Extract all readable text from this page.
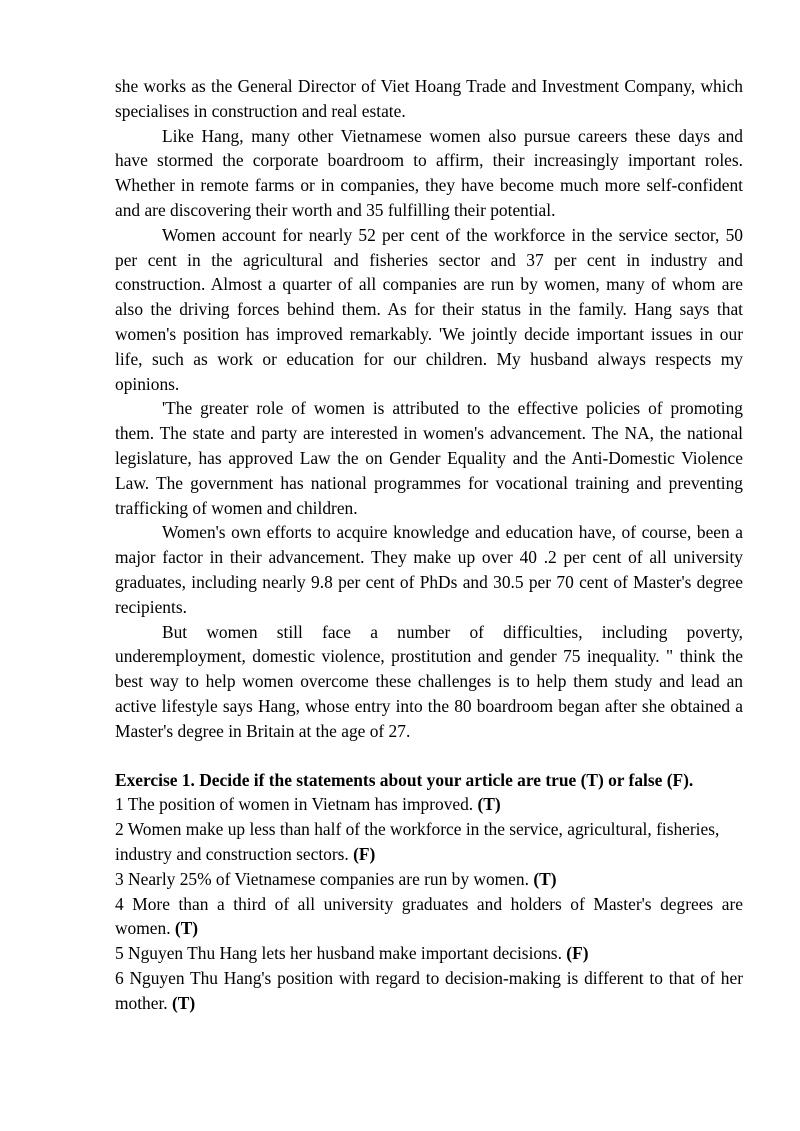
she works as the General Director of Viet Hoang Trade and Investment Company, which specialises in construction and real estate.

Like Hang, many other Vietnamese women also pursue careers these days and have stormed the corporate boardroom to affirm, their increasingly important roles. Whether in remote farms or in companies, they have become much more self-confident and are discovering their worth and 35 fulfilling their potential.

Women account for nearly 52 per cent of the workforce in the service sector, 50 per cent in the agricultural and fisheries sector and 37 per cent in industry and construction. Almost a quarter of all companies are run by women, many of whom are also the driving forces behind them. As for their status in the family. Hang says that women's position has improved remarkably. 'We jointly decide important issues in our life, such as work or education for our children. My husband always respects my opinions.

'The greater role of women is attributed to the effective policies of promoting them. The state and party are interested in women's advancement. The NA, the national legislature, has approved Law the on Gender Equality and the Anti-Domestic Violence Law. The government has national programmes for vocational training and preventing trafficking of women and children.

Women's own efforts to acquire knowledge and education have, of course, been a major factor in their advancement. They make up over 40 .2 per cent of all university graduates, including nearly 9.8 per cent of PhDs and 30.5 per 70 cent of Master's degree recipients.

But women still face a number of difficulties, including poverty, underemployment, domestic violence, prostitution and gender 75 inequality. " think the best way to help women overcome these challenges is to help them study and lead an active lifestyle says Hang, whose entry into the 80 boardroom began after she obtained a Master's degree in Britain at the age of 27.

Exercise 1. Decide if the statements about your article are true (T) or false (F).

1 The position of women in Vietnam has improved. (T)

2 Women make up less than half of the workforce in the service, agricultural, fisheries, industry and construction sectors. (F)

3 Nearly 25% of Vietnamese companies are run by women. (T)

4 More than a third of all university graduates and holders of Master's degrees are women. (T)

5 Nguyen Thu Hang lets her husband make important decisions. (F)

6 Nguyen Thu Hang's position with regard to decision-making is different to that of her mother. (T)
